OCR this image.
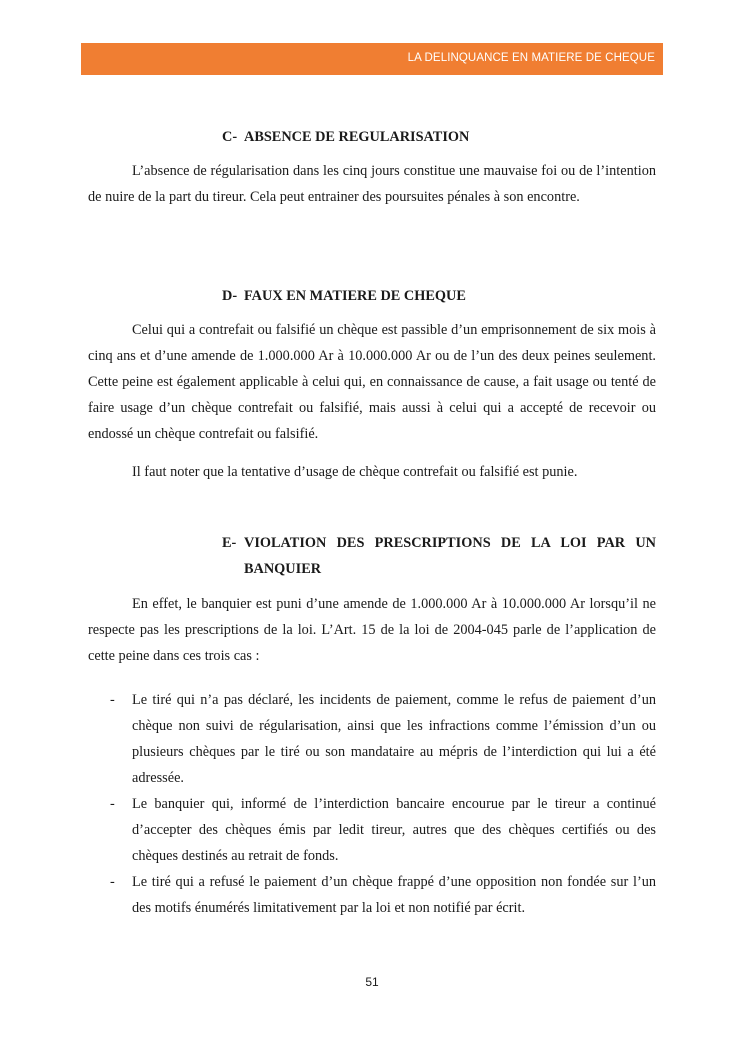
LA DELINQUANCE EN MATIERE DE CHEQUE
C- ABSENCE DE REGULARISATION

L’absence de régularisation dans les cinq jours constitue une mauvaise foi ou de l’intention de nuire de la part du tireur. Cela peut entrainer des poursuites pénales à son encontre.

D- FAUX EN MATIERE DE CHEQUE

Celui qui a contrefait ou falsifié un chèque est passible d’un emprisonnement de six mois à cinq ans et d’une amende de 1.000.000 Ar à 10.000.000 Ar ou de l’un des deux peines seulement. Cette peine est également applicable à celui qui, en connaissance de cause, a fait usage ou tenté de faire usage d’un chèque contrefait ou falsifié, mais aussi à celui qui a accepté de recevoir ou endossé un chèque contrefait ou falsifié.

Il faut noter que la tentative d’usage de chèque contrefait ou falsifié est punie.

E- VIOLATION DES PRESCRIPTIONS DE LA LOI PAR UN
BANQUIER

En effet, le banquier est puni d’une amende de 1.000.000 Ar à 10.000.000 Ar lorsqu’il ne respecte pas les prescriptions de la loi. L’Art. 15 de la loi de 2004-045 parle de l’application de cette peine dans ces trois cas :

- Le tiré qui n’a pas déclaré, les incidents de paiement, comme le refus de paiement d’un chèque non suivi de régularisation, ainsi que les infractions comme l’émission d’un ou plusieurs chèques par le tiré ou son mandataire au mépris de l’interdiction qui lui a été adressée.
- Le banquier qui, informé de l’interdiction bancaire encourue par le tireur a continué d’accepter des chèques émis par ledit tireur, autres que des chèques certifiés ou des chèques destinés au retrait de fonds.
- Le tiré qui a refusé le paiement d’un chèque frappé d’une opposition non fondée sur l’un des motifs énumérés limitativement par la loi et non notifié par écrit.
51
